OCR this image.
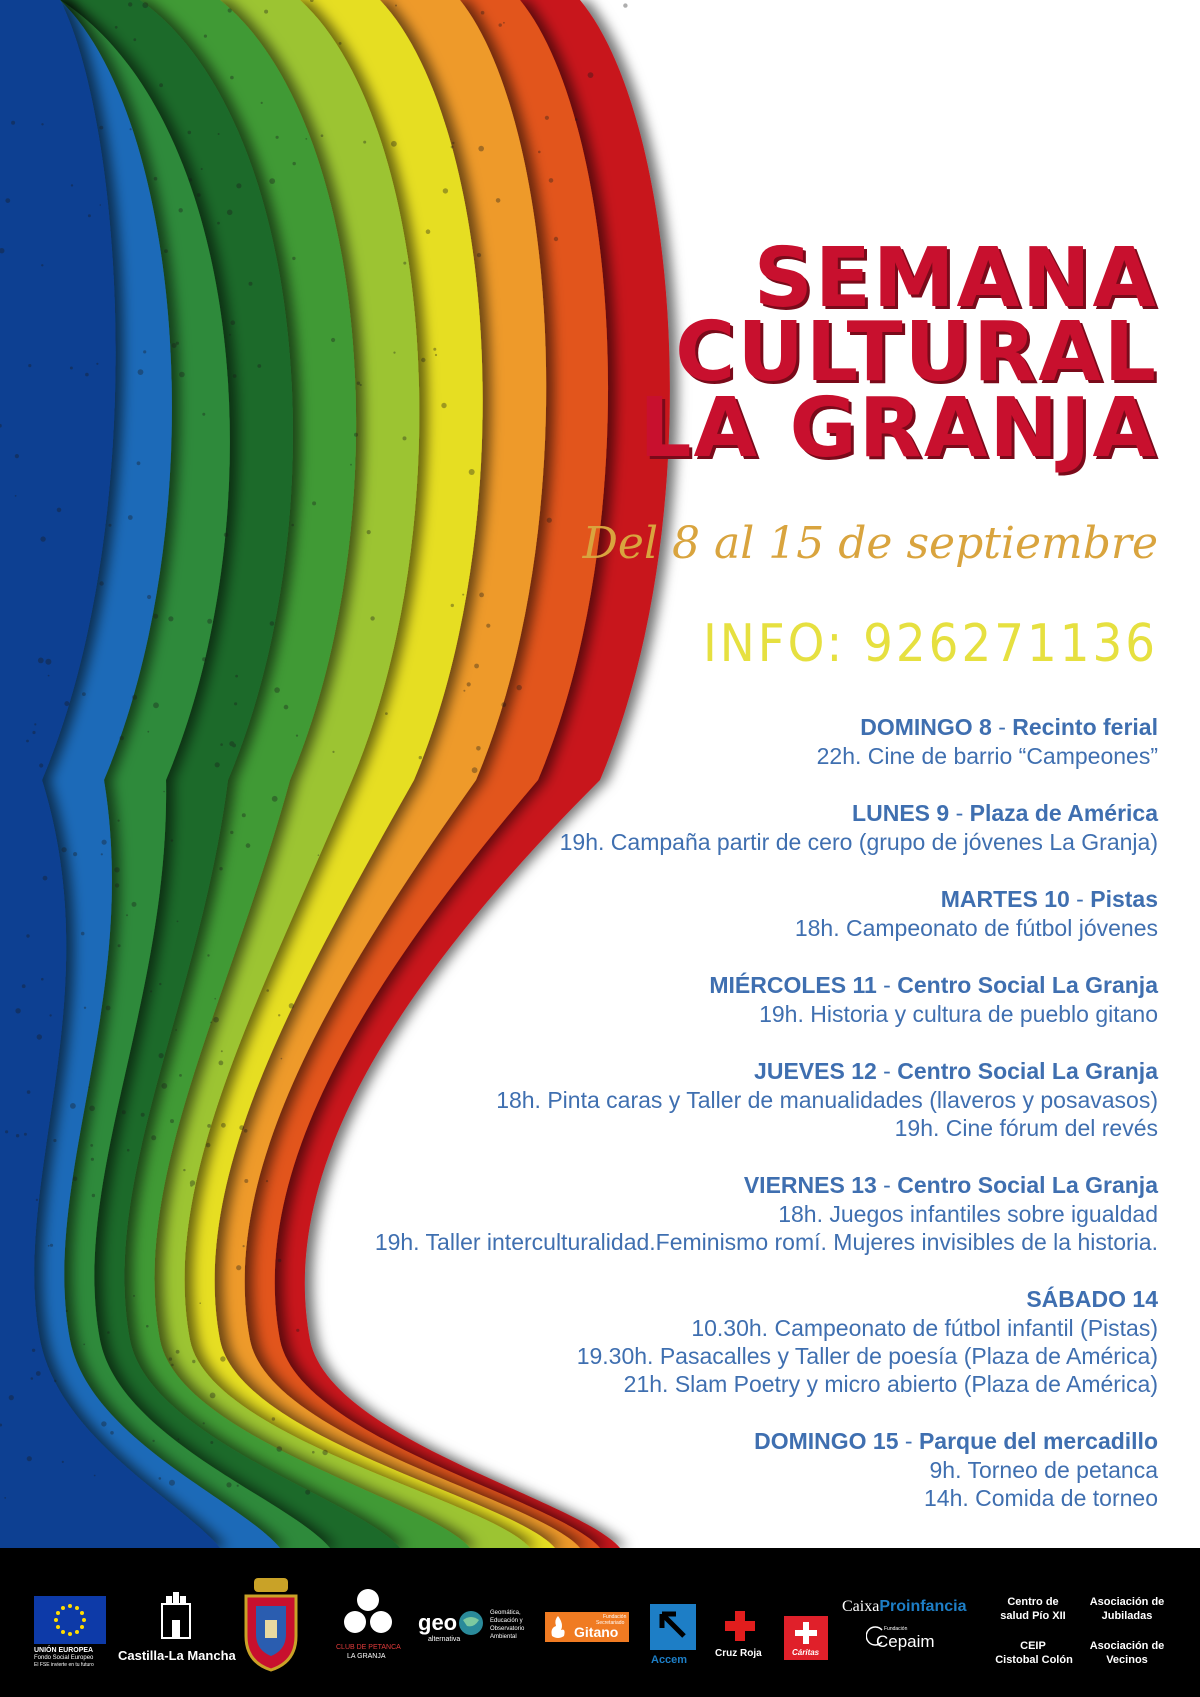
SEMANA
CULTURAL
LA GRANJA
Del 8 al 15 de septiembre
INFO: 926271136
DOMINGO 8 - Recinto ferial
22h. Cine de barrio “Campeones”
LUNES 9 - Plaza de América
19h. Campaña partir de cero (grupo de jóvenes La Granja)
MARTES 10 - Pistas
18h. Campeonato de fútbol jóvenes
MIÉRCOLES 11 - Centro Social La Granja
19h. Historia y cultura de pueblo gitano
JUEVES 12 - Centro Social La Granja
18h. Pinta caras y Taller de manualidades (llaveros y posavasos)
19h. Cine fórum del revés
VIERNES 13 - Centro Social La Granja
18h. Juegos infantiles sobre igualdad
19h. Taller interculturalidad.Feminismo romí. Mujeres invisibles de la historia.
SÁBADO 14
10.30h. Campeonato de fútbol infantil (Pistas)
19.30h. Pasacalles y Taller de poesía (Plaza de América)
21h. Slam Poetry y micro abierto (Plaza de América)
DOMINGO 15 - Parque del mercadillo
9h. Torneo de petanca
14h. Comida de torneo
UNIÓN EUROPEA
Fondo Social Europeo
El FSE invierte en tu futuro
Castilla-La Mancha
CLUB DE PETANCA
LA GRANJA
geo
alternativa
Geomática,
Educación y
Observatorio
Ambiental
Fundación
Secretariado
Gitano
Accem
Cruz Roja	Cáritas
CaixaProinfancia
Fundación
Cepaim
Centro de
salud Pío XII
Asociación de
Jubiladas
CEIP
Cistobal Colón
Asociación de
Vecinos
